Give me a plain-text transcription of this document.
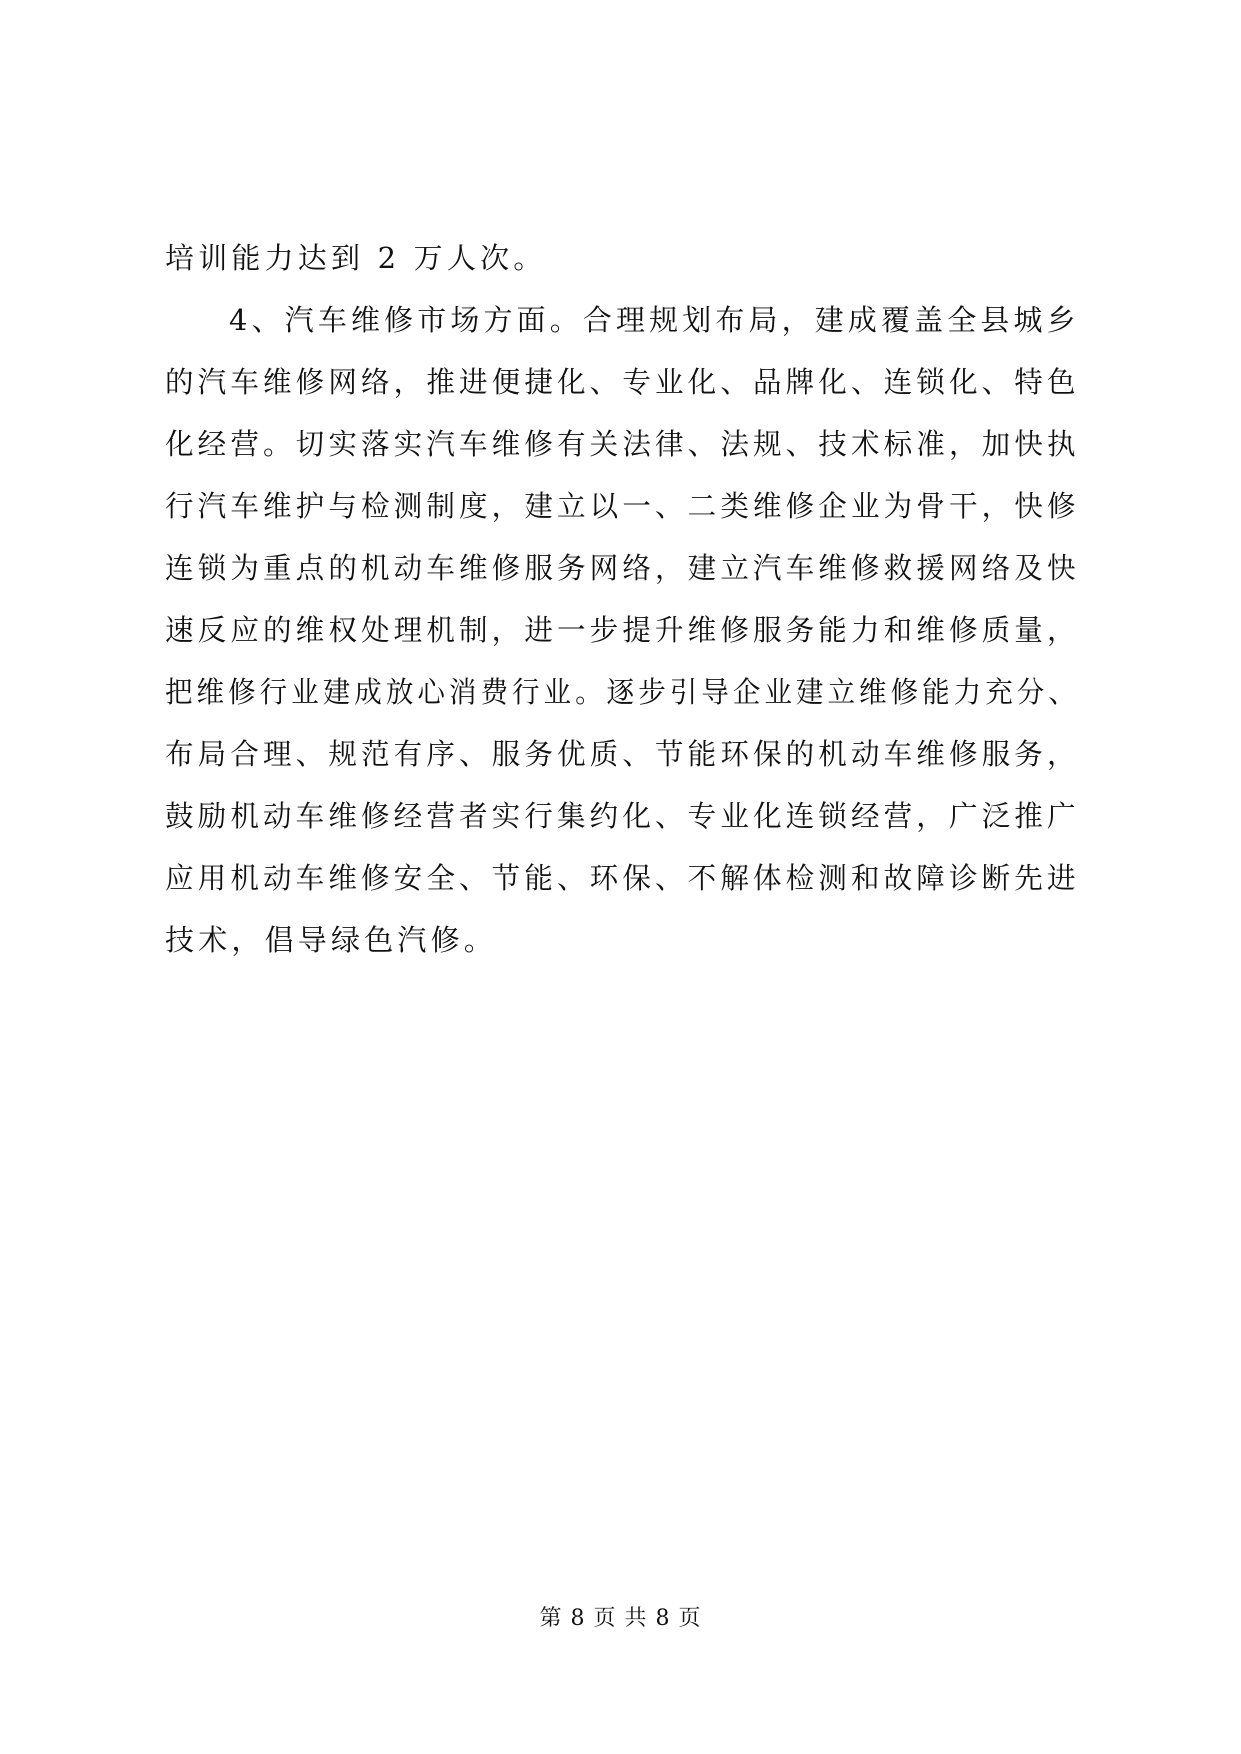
培训能力达到 2 万人次。
4、汽车维修市场方面。合理规划布局，建成覆盖全县城乡
的汽车维修网络，推进便捷化、专业化、品牌化、连锁化、特色
化经营。切实落实汽车维修有关法律、法规、技术标准，加快执
行汽车维护与检测制度，建立以一、二类维修企业为骨干，快修
连锁为重点的机动车维修服务网络，建立汽车维修救援网络及快
速反应的维权处理机制，进一步提升维修服务能力和维修质量，
把维修行业建成放心消费行业。逐步引导企业建立维修能力充分、
布局合理、规范有序、服务优质、节能环保的机动车维修服务，
鼓励机动车维修经营者实行集约化、专业化连锁经营，广泛推广
应用机动车维修安全、节能、环保、不解体检测和故障诊断先进
技术，倡导绿色汽修。
第 8 页 共 8 页
